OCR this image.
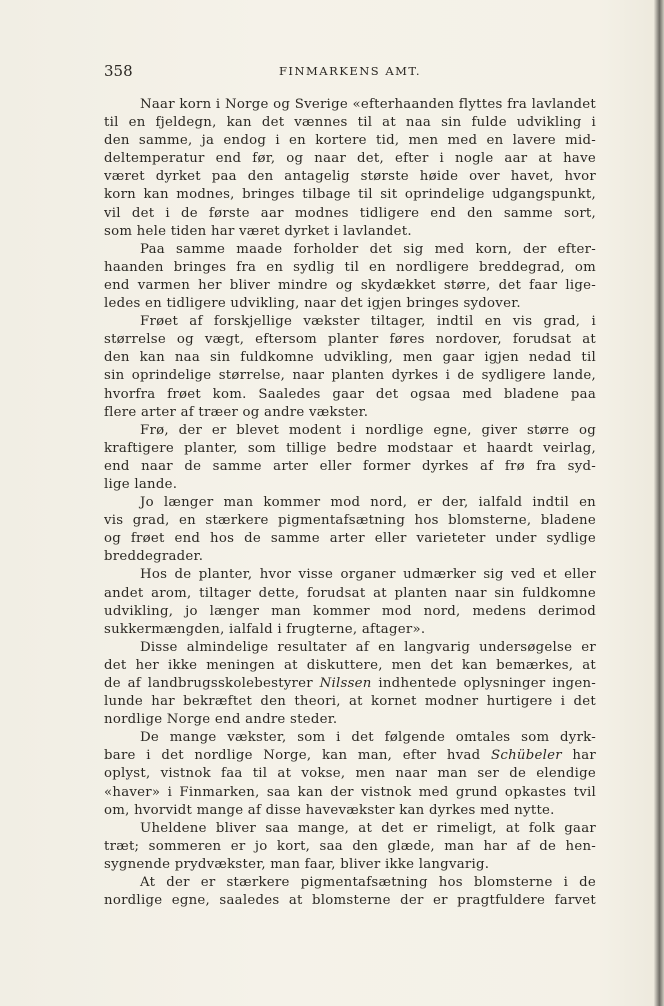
358	FINMARKENS AMT.
Naar korn i Norge og Sverige «efterhaanden flyttes fra lavlandet
til en fjeldegn, kan det vænnes til at naa sin fulde udvikling i
den samme, ja endog i en kortere tid, men med en lavere mid-
deltemperatur end før, og naar det, efter i nogle aar at have
været dyrket paa den antagelig største høide over havet, hvor
korn kan modnes, bringes tilbage til sit oprindelige udgangspunkt,
vil det i de første aar modnes tidligere end den samme sort,
som hele tiden har været dyrket i lavlandet.
Paa samme maade forholder det sig med korn, der efter-
haanden bringes fra en sydlig til en nordligere breddegrad, om
end varmen her bliver mindre og skydækket større, det faar lige-
ledes en tidligere udvikling, naar det igjen bringes sydover.
Frøet af forskjellige vækster tiltager, indtil en vis grad, i
størrelse og vægt, eftersom planter føres nordover, forudsat at
den kan naa sin fuldkomne udvikling, men gaar igjen nedad til
sin oprindelige størrelse, naar planten dyrkes i de sydligere lande,
hvorfra frøet kom. Saaledes gaar det ogsaa med bladene paa
flere arter af træer og andre vækster.
Frø, der er blevet modent i nordlige egne, giver større og
kraftigere planter, som tillige bedre modstaar et haardt veirlag,
end naar de samme arter eller former dyrkes af frø fra syd-
lige lande.
Jo længer man kommer mod nord, er der, ialfald indtil en
vis grad, en stærkere pigmentafsætning hos blomsterne, bladene
og frøet end hos de samme arter eller varieteter under sydlige
breddegrader.
Hos de planter, hvor visse organer udmærker sig ved et eller
andet arom, tiltager dette, forudsat at planten naar sin fuldkomne
udvikling, jo længer man kommer mod nord, medens derimod
sukkermængden, ialfald i frugterne, aftager».
Disse almindelige resultater af en langvarig undersøgelse er
det her ikke meningen at diskuttere, men det kan bemærkes, at
de af landbrugsskolebestyrer Nilssen indhentede oplysninger ingen-
lunde har bekræftet den theori, at kornet modner hurtigere i det
nordlige Norge end andre steder.
De mange vækster, som i det følgende omtales som dyrk-
bare i det nordlige Norge, kan man, efter hvad Schübeler har
oplyst, vistnok faa til at vokse, men naar man ser de elendige
«haver» i Finmarken, saa kan der vistnok med grund opkastes tvil
om, hvorvidt mange af disse havevækster kan dyrkes med nytte.
Uheldene bliver saa mange, at det er rimeligt, at folk gaar
træt; sommeren er jo kort, saa den glæde, man har af de hen-
sygnende prydvækster, man faar, bliver ikke langvarig.
At der er stærkere pigmentafsætning hos blomsterne i de
nordlige egne, saaledes at blomsterne der er pragtfuldere farvet
